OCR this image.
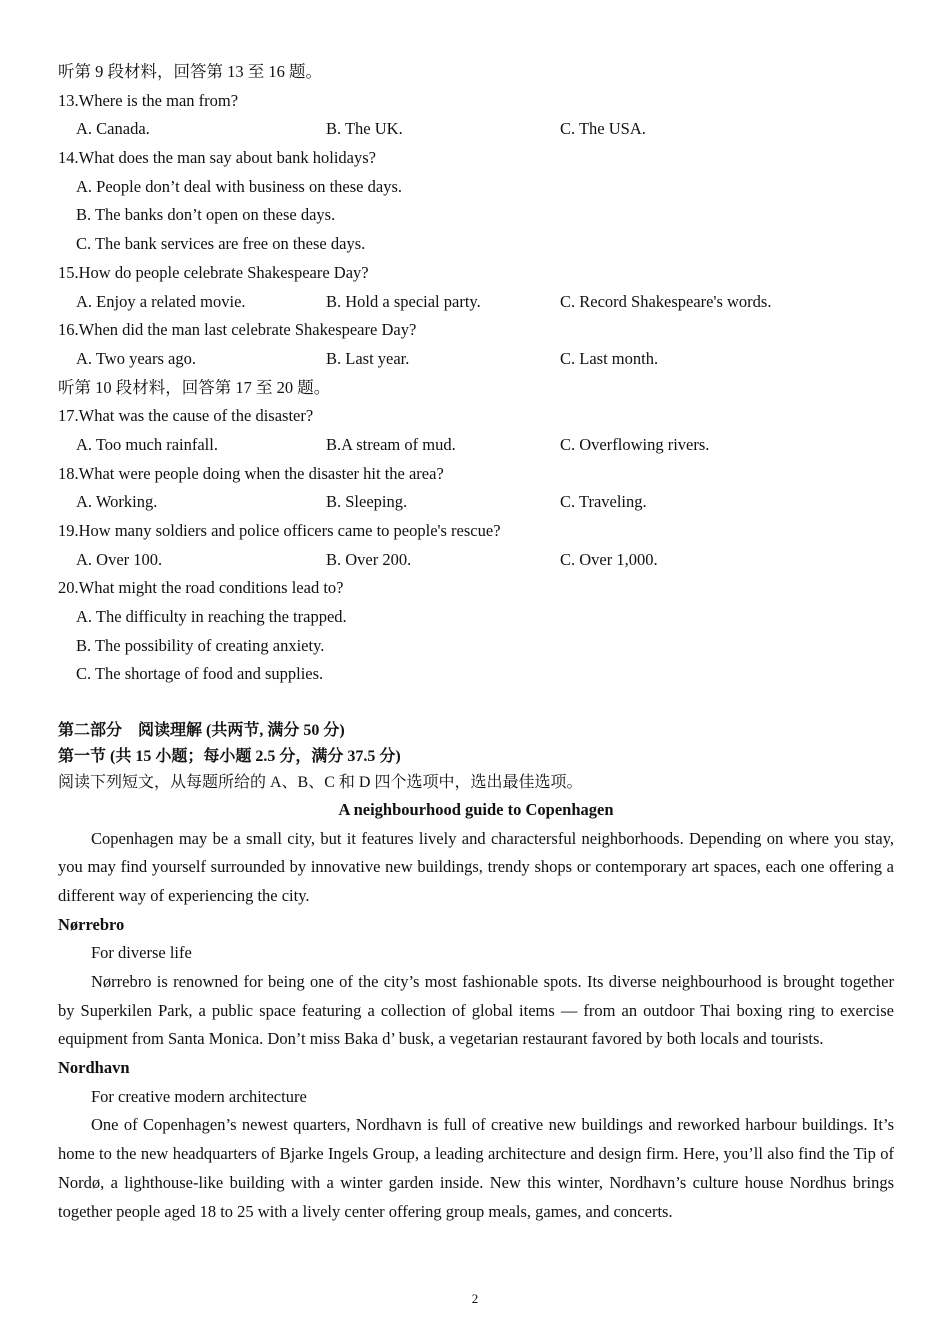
听第 9 段材料，回答第 13 至 16 题。
13.Where is the man from?
A. Canada.	B. The UK.	C. The USA.
14.What does the man say about bank holidays?
A. People don’t deal with business on these days.
B. The banks don’t open on these days.
C. The bank services are free on these days.
15.How do people celebrate Shakespeare Day?
A. Enjoy a related movie.	B. Hold a special party.	C. Record Shakespeare's words.
16.When did the man last celebrate Shakespeare Day?
A. Two years ago.	B. Last year.	C. Last month.
听第 10 段材料，回答第 17 至 20 题。
17.What was the cause of the disaster?
A. Too much rainfall.	B.A stream of mud.	C. Overflowing rivers.
18.What were people doing when the disaster hit the area?
A. Working.	B. Sleeping.	C. Traveling.
19.How many soldiers and police officers came to people's rescue?
A. Over 100.	B. Over 200.	C. Over 1,000.
20.What might the road conditions lead to?
A. The difficulty in reaching the trapped.
B. The possibility of creating anxiety.
C. The shortage of food and supplies.
第二部分　阅读理解 (共两节, 满分 50 分)
第一节 (共 15 小题；每小题 2.5 分，满分 37.5 分)
阅读下列短文，从每题所给的 A、B、C 和 D 四个选项中，选出最佳选项。
A neighbourhood guide to Copenhagen
Copenhagen may be a small city, but it features lively and charactersful neighborhoods. Depending on where you stay, you may find yourself surrounded by innovative new buildings, trendy shops or contemporary art spaces, each one offering a different way of experiencing the city.
Nørrebro
For diverse life
Nørrebro is renowned for being one of the city’s most fashionable spots. Its diverse neighbourhood is brought together by Superkilen Park, a public space featuring a collection of global items — from an outdoor Thai boxing ring to exercise equipment from Santa Monica. Don’t miss Baka d’ busk, a vegetarian restaurant favored by both locals and tourists.
Nordhavn
For creative modern architecture
One of Copenhagen’s newest quarters, Nordhavn is full of creative new buildings and reworked harbour buildings. It’s home to the new headquarters of Bjarke Ingels Group, a leading architecture and design firm. Here, you’ll also find the Tip of Nordø, a lighthouse-like building with a winter garden inside. New this winter, Nordhavn’s culture house Nordhus brings together people aged 18 to 25 with a lively center offering group meals, games, and concerts.
2
